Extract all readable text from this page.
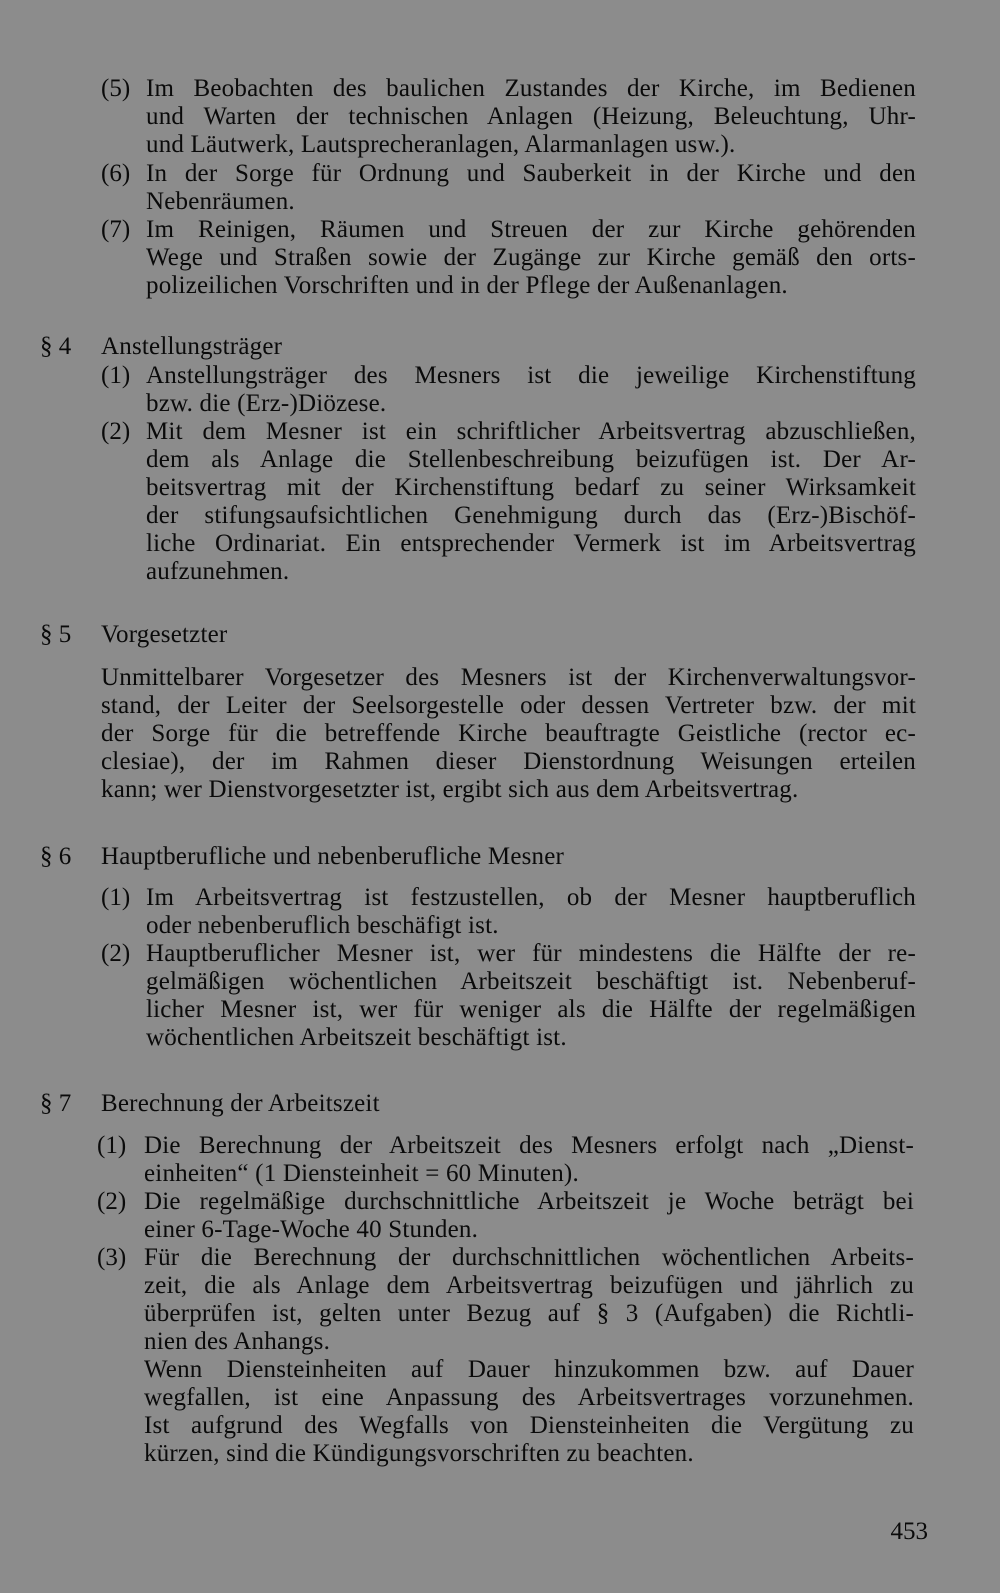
(5) Im Beobachten des baulichen Zustandes der Kirche, im Bedienen
und Warten der technischen Anlagen (Heizung, Beleuchtung, Uhr-
und Läutwerk, Lautsprecheranlagen, Alarmanlagen usw.).
(6) In der Sorge für Ordnung und Sauberkeit in der Kirche und den
Nebenräumen.
(7) Im Reinigen, Räumen und Streuen der zur Kirche gehörenden
Wege und Straßen sowie der Zugänge zur Kirche gemäß den orts-
polizeilichen Vorschriften und in der Pflege der Außenanlagen.
§ 4 Anstellungsträger
(1) Anstellungsträger des Mesners ist die jeweilige Kirchenstiftung
bzw. die (Erz-)Diözese.
(2) Mit dem Mesner ist ein schriftlicher Arbeitsvertrag abzuschließen,
dem als Anlage die Stellenbeschreibung beizufügen ist. Der Ar-
beitsvertrag mit der Kirchenstiftung bedarf zu seiner Wirksamkeit
der stifungsaufsichtlichen Genehmigung durch das (Erz-)Bischöf-
liche Ordinariat. Ein entsprechender Vermerk ist im Arbeitsvertrag
aufzunehmen.
§ 5 Vorgesetzter
Unmittelbarer Vorgesetzer des Mesners ist der Kirchenverwaltungsvor-
stand, der Leiter der Seelsorgestelle oder dessen Vertreter bzw. der mit
der Sorge für die betreffende Kirche beauftragte Geistliche (rector ec-
clesiae), der im Rahmen dieser Dienstordnung Weisungen erteilen
kann; wer Dienstvorgesetzter ist, ergibt sich aus dem Arbeitsvertrag.
§ 6 Hauptberufliche und nebenberufliche Mesner
(1) Im Arbeitsvertrag ist festzustellen, ob der Mesner hauptberuflich
oder nebenberuflich beschäfigt ist.
(2) Hauptberuflicher Mesner ist, wer für mindestens die Hälfte der re-
gelmäßigen wöchentlichen Arbeitszeit beschäftigt ist. Nebenberuf-
licher Mesner ist, wer für weniger als die Hälfte der regelmäßigen
wöchentlichen Arbeitszeit beschäftigt ist.
§ 7 Berechnung der Arbeitszeit
(1) Die Berechnung der Arbeitszeit des Mesners erfolgt nach „Dienst-
einheiten“ (1 Diensteinheit = 60 Minuten).
(2) Die regelmäßige durchschnittliche Arbeitszeit je Woche beträgt bei
einer 6-Tage-Woche 40 Stunden.
(3) Für die Berechnung der durchschnittlichen wöchentlichen Arbeits-
zeit, die als Anlage dem Arbeitsvertrag beizufügen und jährlich zu
überprüfen ist, gelten unter Bezug auf § 3 (Aufgaben) die Richtli-
nien des Anhangs.
Wenn Diensteinheiten auf Dauer hinzukommen bzw. auf Dauer
wegfallen, ist eine Anpassung des Arbeitsvertrages vorzunehmen.
Ist aufgrund des Wegfalls von Diensteinheiten die Vergütung zu
kürzen, sind die Kündigungsvorschriften zu beachten.
453
